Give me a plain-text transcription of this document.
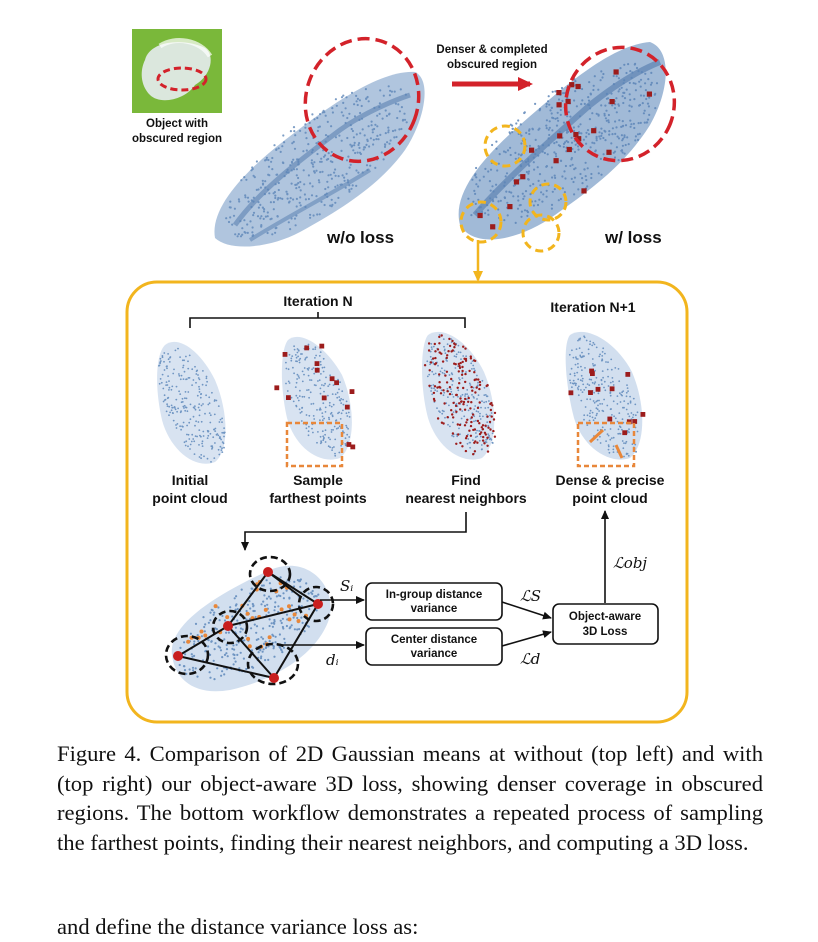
Object with
obscured region
w/o loss
Denser & completed
obscured region
w/ loss
Iteration N	Iteration N+1
Initial
point cloud
Sample
farthest points
Find
nearest neighbors
Dense & precise
point cloud
Sᵢ
dᵢ
In-group distance
variance
Center distance
variance
Object-aware
3D Loss
ℒS
ℒd
ℒobj

Figure 4. Comparison of 2D Gaussian means at without (top left) and with (top right) our object-aware 3D loss, showing denser coverage in obscured regions. The bottom workflow demonstrates a repeated process of sampling the farthest points, finding their nearest neighbors, and computing a 3D loss.

and define the distance variance loss as:
